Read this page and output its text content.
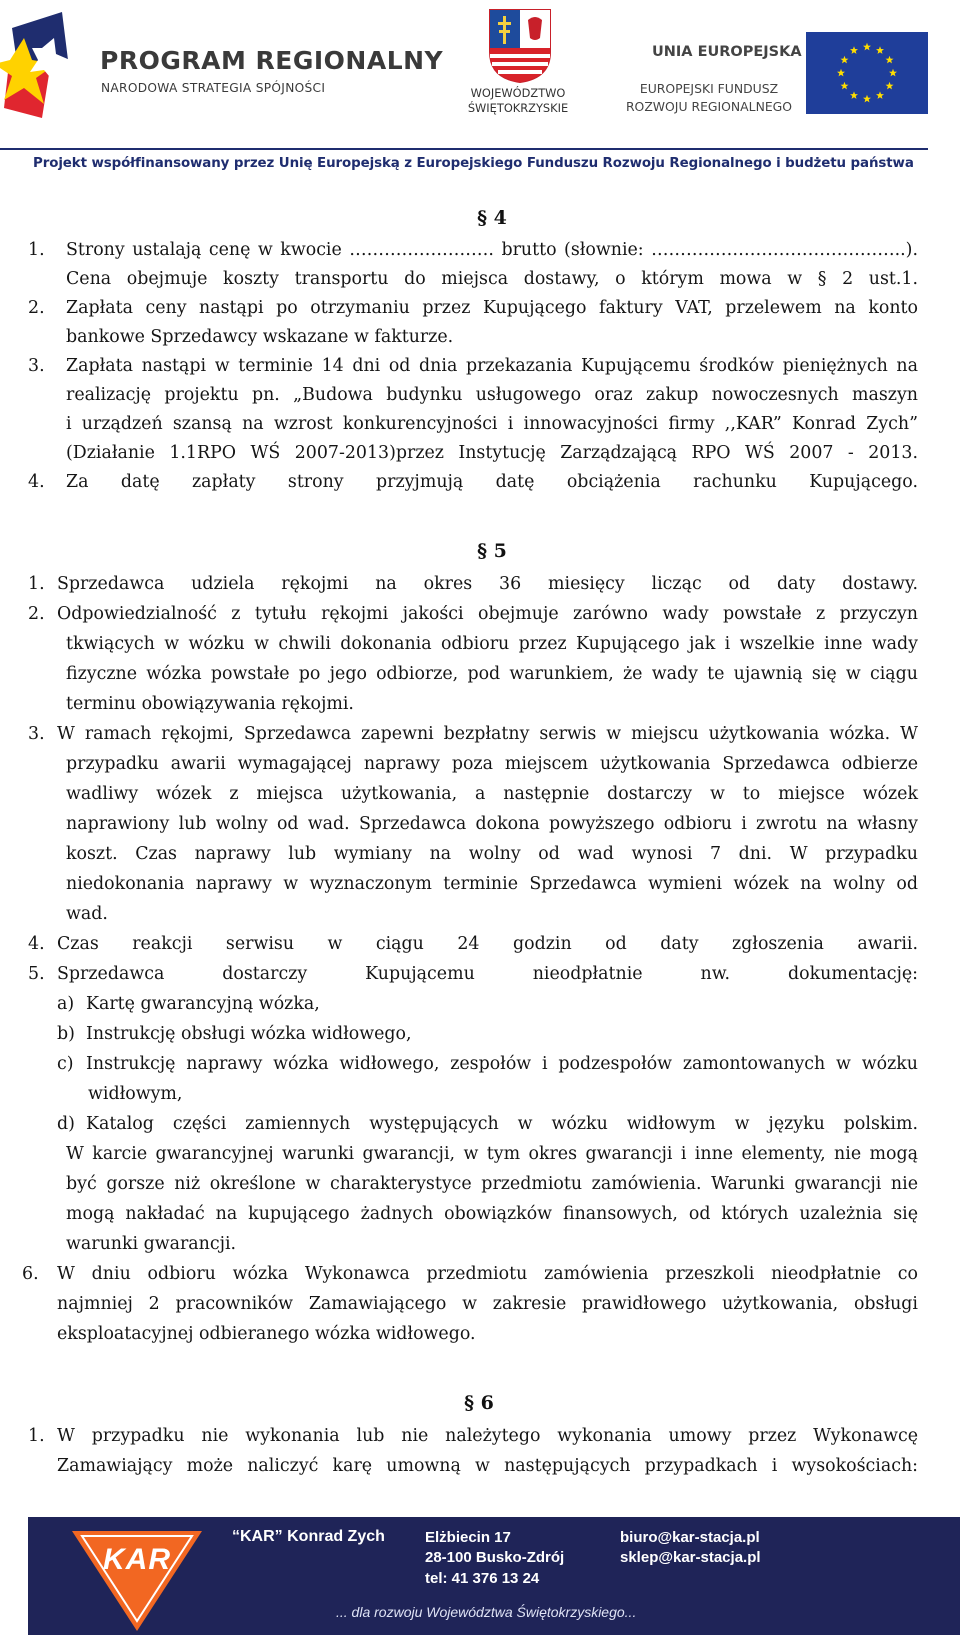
PROGRAM REGIONALNY
NARODOWA STRATEGIA SPÓJNOŚCI	WOJEWÓDZTWO
ŚWIĘTOKRZYSKIE
UNIA EUROPEJSKA
EUROPEJSKI FUNDUSZ
ROZWOJU REGIONALNEGO
Projekt współfinansowany przez Unię Europejską z Europejskiego Funduszu Rozwoju Regionalnego i budżetu państwa
§ 4
1. Strony ustalają cenę w kwocie ……………………. brutto (słownie: ……………………………………..).
Cena obejmuje koszty transportu do miejsca dostawy, o którym mowa w § 2 ust.1.
2. Zapłata ceny nastąpi po otrzymaniu przez Kupującego faktury VAT, przelewem na konto
bankowe Sprzedawcy wskazane w fakturze.
3. Zapłata nastąpi w terminie 14 dni od dnia przekazania Kupującemu środków pieniężnych na
realizację projektu pn. „Budowa budynku usługowego oraz zakup nowoczesnych maszyn
i urządzeń szansą na wzrost konkurencyjności i innowacyjności firmy ,,KAR” Konrad Zych”
(Działanie 1.1RPO WŚ 2007-2013)przez Instytucję Zarządzającą RPO WŚ 2007 - 2013.
4. Za datę zapłaty strony przyjmują datę obciążenia rachunku Kupującego.
§ 5
1. Sprzedawca udziela rękojmi na okres 36 miesięcy licząc od daty dostawy.
2. Odpowiedzialność z tytułu rękojmi jakości obejmuje zarówno wady powstałe z przyczyn
tkwiących w wózku w chwili dokonania odbioru przez Kupującego jak i wszelkie inne wady
fizyczne wózka powstałe po jego odbiorze, pod warunkiem, że wady te ujawnią się w ciągu
terminu obowiązywania rękojmi.
3. W ramach rękojmi, Sprzedawca zapewni bezpłatny serwis w miejscu użytkowania wózka. W
przypadku awarii wymagającej naprawy poza miejscem użytkowania Sprzedawca odbierze
wadliwy wózek z miejsca użytkowania, a następnie dostarczy w to miejsce wózek
naprawiony lub wolny od wad. Sprzedawca dokona powyższego odbioru i zwrotu na własny
koszt. Czas naprawy lub wymiany na wolny od wad wynosi 7 dni. W przypadku
niedokonania naprawy w wyznaczonym terminie Sprzedawca wymieni wózek na wolny od
wad.
4. Czas reakcji serwisu w ciągu 24 godzin od daty zgłoszenia awarii.
5. Sprzedawca dostarczy Kupującemu nieodpłatnie nw. dokumentację:
a) Kartę gwarancyjną wózka,
b) Instrukcję obsługi wózka widłowego,
c) Instrukcję naprawy wózka widłowego, zespołów i podzespołów zamontowanych w wózku
widłowym,
d) Katalog części zamiennych występujących w wózku widłowym w języku polskim.
W karcie gwarancyjnej warunki gwarancji, w tym okres gwarancji i inne elementy, nie mogą
być gorsze niż określone w charakterystyce przedmiotu zamówienia. Warunki gwarancji nie
mogą nakładać na kupującego żadnych obowiązków finansowych, od których uzależnia się
warunki gwarancji.
6. W dniu odbioru wózka Wykonawca przedmiotu zamówienia przeszkoli nieodpłatnie co
najmniej 2 pracowników Zamawiającego w zakresie prawidłowego użytkowania, obsługi
eksploatacyjnej odbieranego wózka widłowego.
§ 6
1. W przypadku nie wykonania lub nie należytego wykonania umowy przez Wykonawcę
Zamawiający może naliczyć karę umowną w następujących przypadkach i wysokościach:
KAR
“KAR” Konrad Zych	Elżbiecin 17
28-100 Busko-Zdrój
tel: 41 376 13 24
biuro@kar-stacja.pl
sklep@kar-stacja.pl
... dla rozwoju Województwa Świętokrzyskiego...
